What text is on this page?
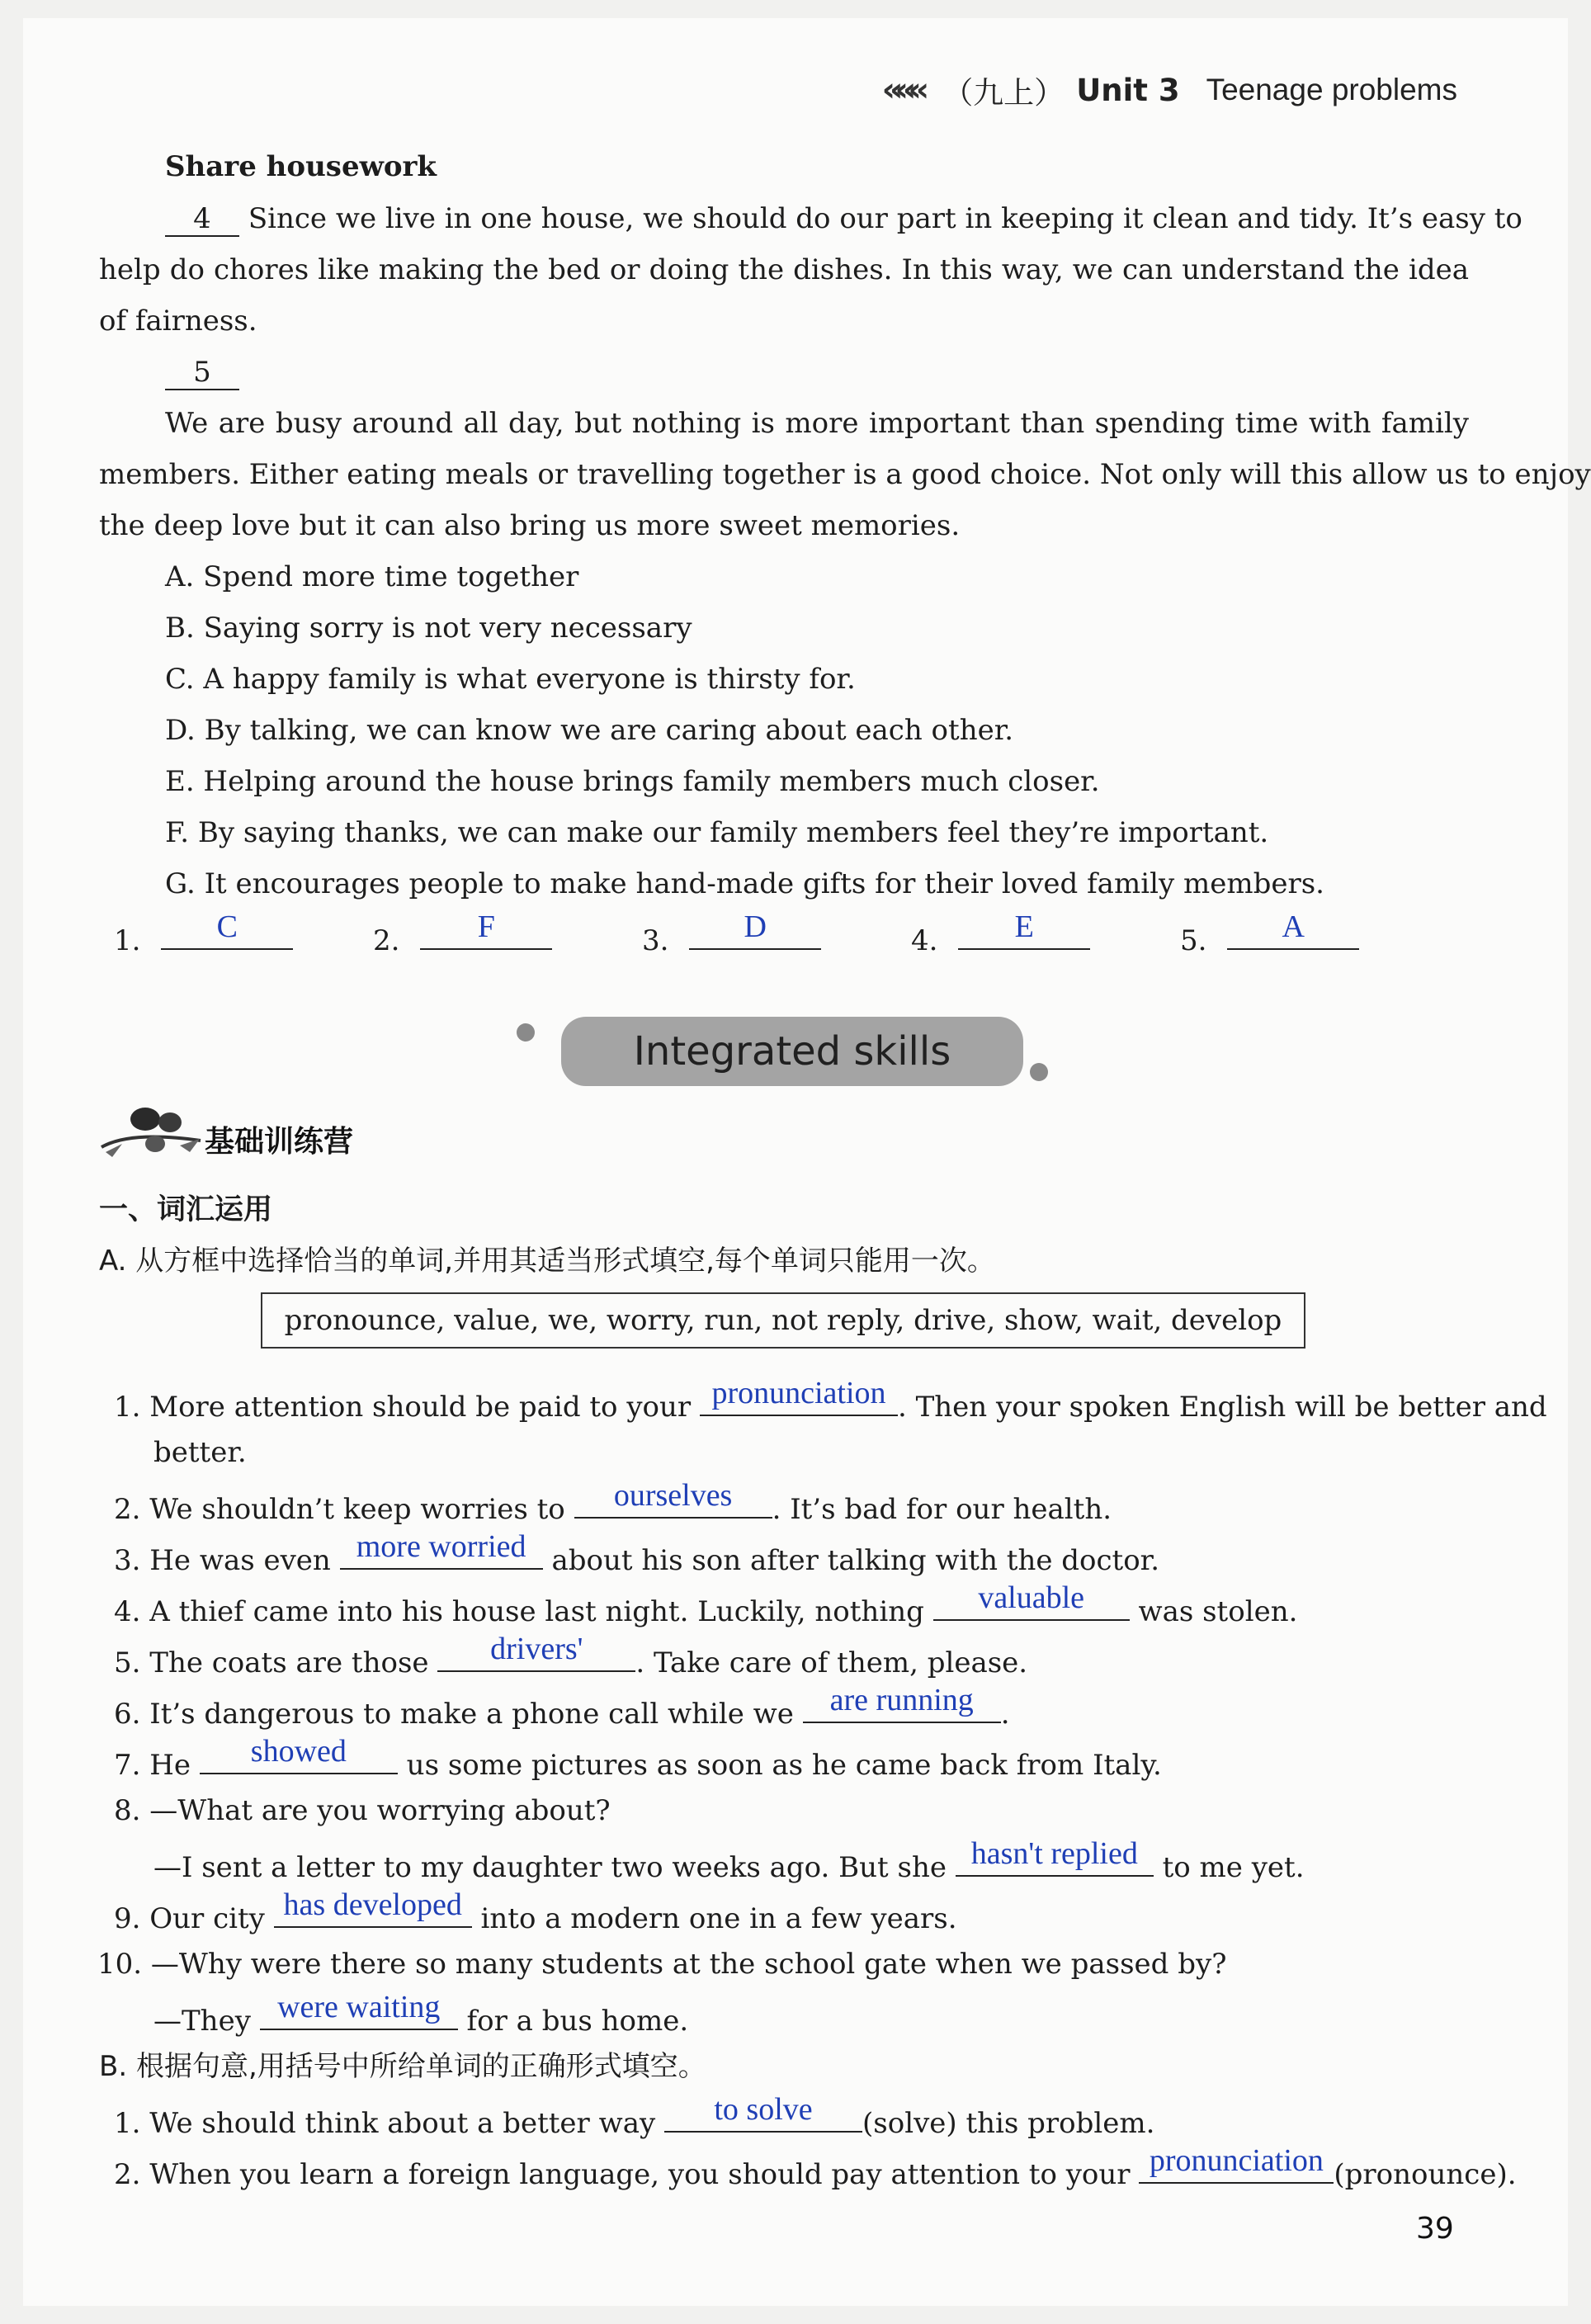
««« （九上） Unit 3 Teenage problems
Share housework
4 Since we live in one house, we should do our part in keeping it clean and tidy. It’s easy to
help do chores like making the bed or doing the dishes. In this way, we can understand the idea
of fairness.
5
We are busy around all day, but nothing is more important than spending time with family
members. Either eating meals or travelling together is a good choice. Not only will this allow us to enjoy
the deep love but it can also bring us more sweet memories.
A. Spend more time together
B. Saying sorry is not very necessary
C. A happy family is what everyone is thirsty for.
D. By talking, we can know we are caring about each other.
E. Helping around the house brings family members much closer.
F. By saying thanks, we can make our family members feel they’re important.
G. It encourages people to make hand-made gifts for their loved family members.
1.	C	2.	F	3.	D	4.	E	5.	A
Integrated skills
基础训练营
一、词汇运用
A. 从方框中选择恰当的单词,并用其适当形式填空,每个单词只能用一次。
pronounce, value, we, worry, run, not reply, drive, show, wait, develop
1. More attention should be paid to your pronunciation . Then your spoken English will be better and
better.
2. We shouldn’t keep worries to	ourselves	. It’s bad for our health.
3. He was even more worried about his son after talking with the doctor.
4. A thief came into his house last night. Luckily, nothing	valuable	was stolen.
5. The coats are those	drivers'	. Take care of them, please.
6. It’s dangerous to make a phone call while we	are running .
7. He	showed	us some pictures as soon as he came back from Italy.
8. —What are you worrying about?
—I sent a letter to my daughter two weeks ago. But she hasn't replied to me yet.
9. Our city has developed into a modern one in a few years.
10. —Why were there so many students at the school gate when we passed by?
—They were waiting for a bus home.
B. 根据句意,用括号中所给单词的正确形式填空。
1. We should think about a better way	to solve	(solve) this problem.
2. When you learn a foreign language, you should pay attention to your pronunciation (pronounce).
39
